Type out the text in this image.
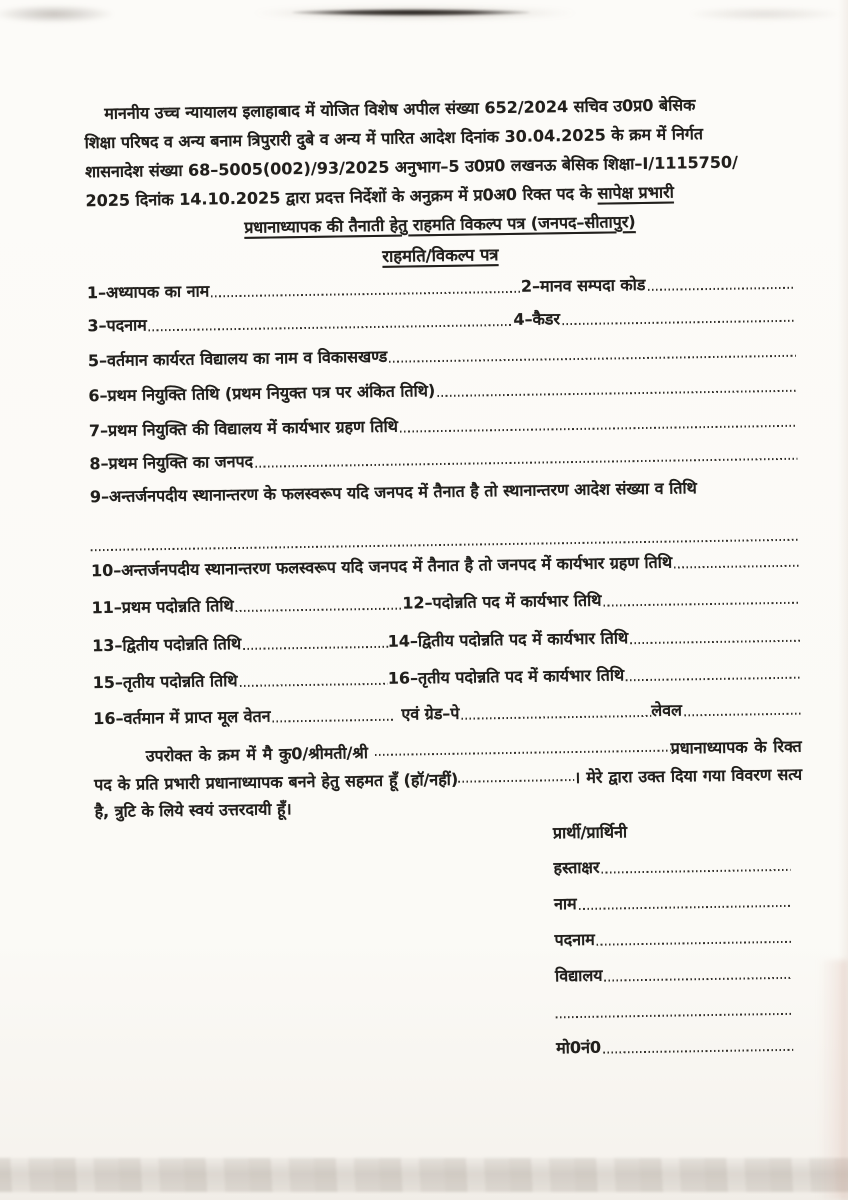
माननीय उच्च न्यायालय इलाहाबाद में योजित विशेष अपील संख्या 652/2024 सचिव उ0प्र0 बेसिक
शिक्षा परिषद व अन्य बनाम त्रिपुरारी दुबे व अन्य में पारित आदेश दिनांक 30.04.2025 के क्रम में निर्गत
शासनादेश संख्या 68–5005(002)/93/2025 अनुभाग–5 उ0प्र0 लखनऊ बेसिक शिक्षा–I/1115750/
2025 दिनांक 14.10.2025 द्वारा प्रदत्त निर्देशों के अनुक्रम में प्र0अ0 रिक्त पद के सापेक्ष प्रभारी
प्रधानाध्यापक की तैनाती हेतु राहमति विकल्प पत्र (जनपद–सीतापुर)
राहमति/विकल्प पत्र
1–अध्यापक का नाम	2–मानव सम्पदा कोड
3–पदनाम	4–कैडर
5–वर्तमान कार्यरत विद्यालय का नाम व विकासखण्ड
6–प्रथम नियुक्ति तिथि (प्रथम नियुक्त पत्र पर अंकित तिथि)
7–प्रथम नियुक्ति की विद्यालय में कार्यभार ग्रहण तिथि
8–प्रथम नियुक्ति का जनपद
9–अन्तर्जनपदीय स्थानान्तरण के फलस्वरूप यदि जनपद में तैनात है तो स्थानान्तरण आदेश संख्या व तिथि
10–अन्तर्जनपदीय स्थानान्तरण फलस्वरूप यदि जनपद में तैनात है तो जनपद में कार्यभार ग्रहण तिथि
11–प्रथम पदोन्नति तिथि	12–पदोन्नति पद में कार्यभार तिथि
13–द्वितीय पदोन्नति तिथि	14–द्वितीय पदोन्नति पद में कार्यभार तिथि
15–तृतीय पदोन्नति तिथि	16–तृतीय पदोन्नति पद में कार्यभार तिथि
16–वर्तमान में प्राप्त मूल वेतन	एवं ग्रेड–पे	लेवल

उपरोक्त के क्रम में मै कु0/श्रीमती/श्री	प्रधानाध्यापक के रिक्त पद के प्रति प्रभारी प्रधानाध्यापक बनने हेतु सहमत हूँ (हॉ/नहीं)	। मेरे द्वारा उक्त दिया गया विवरण सत्य है, त्रुटि के लिये स्वयं उत्तरदायी हूँ।

प्रार्थी/प्रार्थिनी
हस्ताक्षर
नाम
पदनाम
विद्यालय
मो0नं0
